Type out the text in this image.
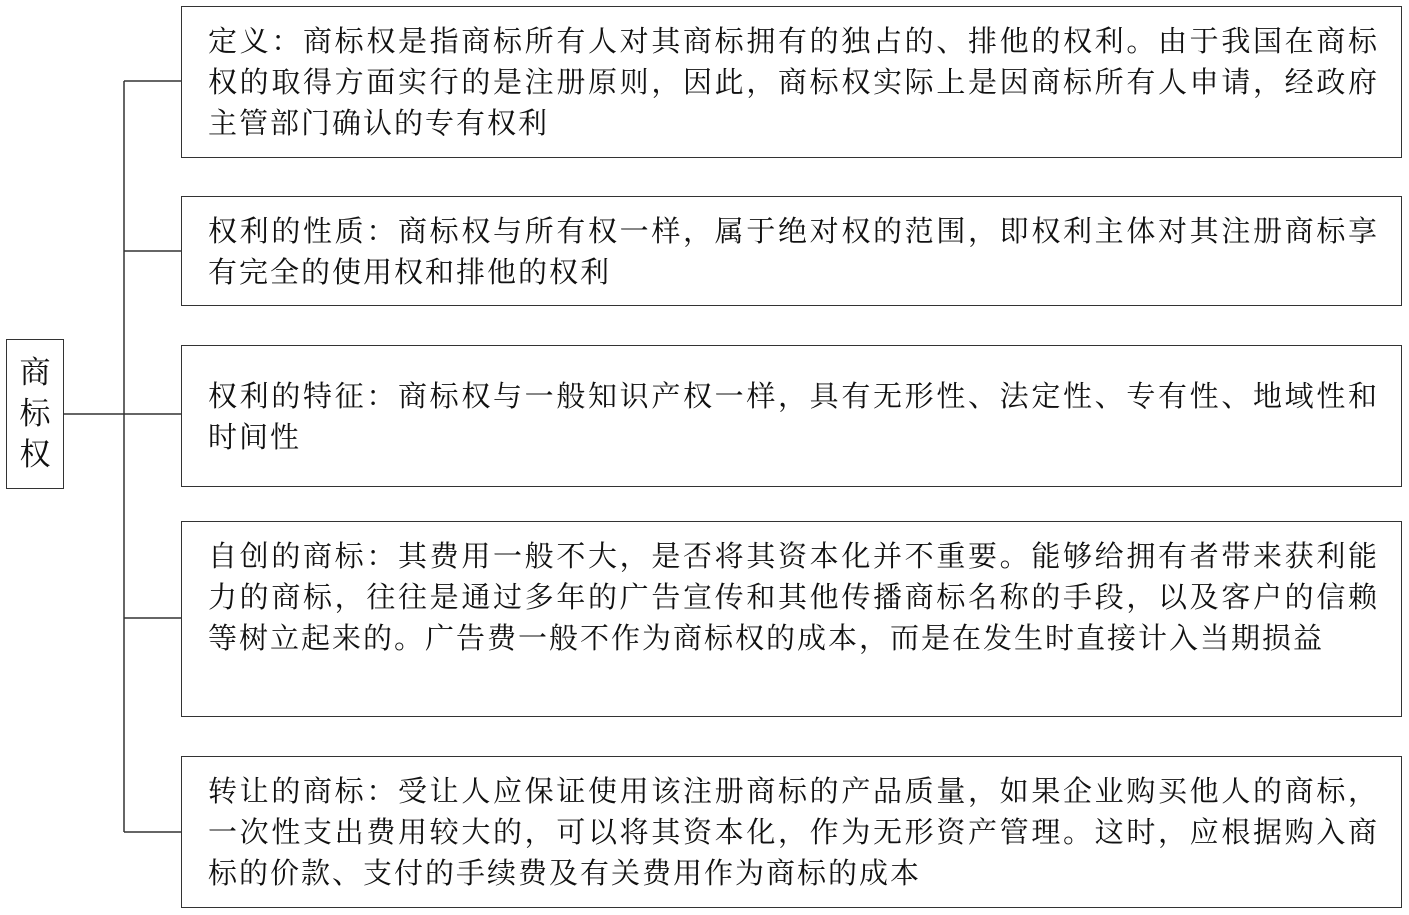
商标权
定义：商标权是指商标所有人对其商标拥有的独占的、排他的权利。由于我国在商标权的取得方面实行的是注册原则，因此，商标权实际上是因商标所有人申请，经政府主管部门确认的专有权利
权利的性质：商标权与所有权一样，属于绝对权的范围，即权利主体对其注册商标享有完全的使用权和排他的权利
权利的特征：商标权与一般知识产权一样，具有无形性、法定性、专有性、地域性和时间性
自创的商标：其费用一般不大，是否将其资本化并不重要。能够给拥有者带来获利能力的商标，往往是通过多年的广告宣传和其他传播商标名称的手段，以及客户的信赖等树立起来的。广告费一般不作为商标权的成本，而是在发生时直接计入当期损益
转让的商标：受让人应保证使用该注册商标的产品质量，如果企业购买他人的商标，一次性支出费用较大的，可以将其资本化，作为无形资产管理。这时，应根据购入商标的价款、支付的手续费及有关费用作为商标的成本
